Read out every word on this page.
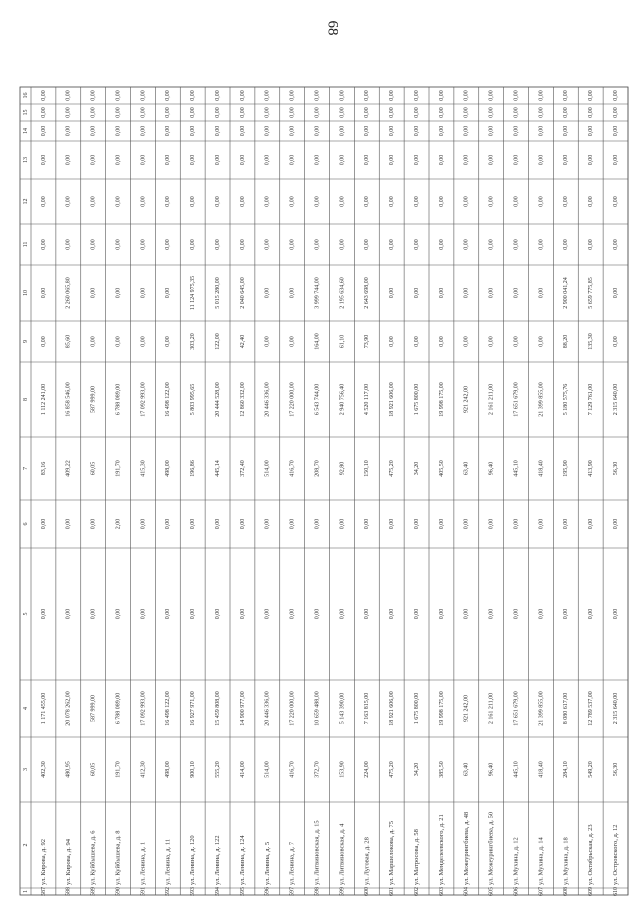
68
1
2
3
4
5
6
7
8
9
10
11
12
13
14
15
16
587
ул. Кирова, д. 92
402,30
1 171 455,00
0,00
0,00
83,16
1 112 241,00
0,00
0,00
0,00
0,00
0,00
0,00
0,00
0,00
588
ул. Кирова, д. 94
480,95
20 078 262,00
0,00
0,00
409,22
16 858 546,00
85,60
2 260 065,80
0,00
0,00
0,00
0,00
0,00
0,00
589
ул. Куйбышева, д. 6
60,05
587 999,00
0,00
0,00
60,05
587 999,00
0,00
0,00
0,00
0,00
0,00
0,00
0,00
0,00
590
ул. Куйбышева, д. 8
191,70
6 788 089,00
0,00
2,00
191,70
6 788 089,00
0,00
0,00
0,00
0,00
0,00
0,00
0,00
0,00
591
ул. Ленина, д. 1
412,30
17 092 993,00
0,00
0,00
415,30
17 092 993,00
0,00
0,00
0,00
0,00
0,00
0,00
0,00
0,00
592
ул. Ленина, д. 11
498,00
16 498 122,00
0,00
0,00
498,00
16 498 122,00
0,00
0,00
0,00
0,00
0,00
0,00
0,00
0,00
593
ул. Ленина, д. 120
900,10
16 927 971,00
0,00
0,00
196,86
5 803 995,65
303,20
11 124 975,35
0,00
0,00
0,00
0,00
0,00
0,00
594
ул. Ленина, д. 122
555,20
15 459 808,00
0,00
0,00
445,14
20 444 528,00
122,00
5 015 280,00
0,00
0,00
0,00
0,00
0,00
0,00
595
ул. Ленина, д. 124
414,00
14 900 977,00
0,00
0,00
372,40
12 860 332,00
42,40
2 040 645,00
0,00
0,00
0,00
0,00
0,00
0,00
596
ул. Ленина, д. 5
514,00
20 446 336,00
0,00
0,00
514,00
20 446 336,00
0,00
0,00
0,00
0,00
0,00
0,00
0,00
0,00
597
ул. Ленина, д. 7
416,70
17 220 000,00
0,00
0,00
416,70
17 220 000,00
0,00
0,00
0,00
0,00
0,00
0,00
0,00
0,00
598
ул. Литвиновская, д. 15
372,70
10 659 488,00
0,00
0,00
208,70
6 543 744,00
164,00
3 999 744,00
0,00
0,00
0,00
0,00
0,00
0,00
599
ул. Литвиновская, д. 4
153,90
5 143 390,00
0,00
0,00
92,80
2 940 756,40
61,10
2 195 634,60
0,00
0,00
0,00
0,00
0,00
0,00
600
ул. Луговая, д. 28
224,00
7 163 815,00
0,00
0,00
150,10
4 520 117,00
73,90
2 643 698,00
0,00
0,00
0,00
0,00
0,00
0,00
601
ул. Маршелокова, д. 75
475,20
18 921 606,00
0,00
0,00
475,20
18 921 606,00
0,00
0,00
0,00
0,00
0,00
0,00
0,00
0,00
602
ул. Матросова, д. 58
34,20
1 675 800,00
0,00
0,00
34,20
1 675 800,00
0,00
0,00
0,00
0,00
0,00
0,00
0,00
0,00
603
ул. Менделеевского, д. 21
385,50
19 998 175,00
0,00
0,00
405,50
19 998 175,00
0,00
0,00
0,00
0,00
0,00
0,00
0,00
0,00
604
ул. Межеурингбиева, д. 48
63,40
921 242,00
0,00
0,00
63,40
921 242,00
0,00
0,00
0,00
0,00
0,00
0,00
0,00
0,00
605
ул. Межеурингбиева, д. 50
96,40
2 161 211,00
0,00
0,00
96,40
2 161 211,00
0,00
0,00
0,00
0,00
0,00
0,00
0,00
0,00
606
ул. Мухина, д. 12
445,10
17 651 679,00
0,00
0,00
445,10
17 651 679,00
0,00
0,00
0,00
0,00
0,00
0,00
0,00
0,00
607
ул. Мухина, д. 14
418,40
21 399 855,00
0,00
0,00
418,40
21 399 855,00
0,00
0,00
0,00
0,00
0,00
0,00
0,00
0,00
608
ул. Мухина, д. 18
284,10
8 080 617,00
0,00
0,00
195,90
5 180 575,76
88,20
2 900 041,24
0,00
0,00
0,00
0,00
0,00
0,00
609
ул. Октябрьская, д. 23
549,20
12 789 537,00
0,00
0,00
413,90
7 129 761,00
135,30
5 659 775,85
0,00
0,00
0,00
0,00
0,00
0,00
610
ул. Островского, д. 12
56,30
2 315 640,00
0,00
0,00
56,30
2 315 640,00
0,00
0,00
0,00
0,00
0,00
0,00
0,00
0,00
